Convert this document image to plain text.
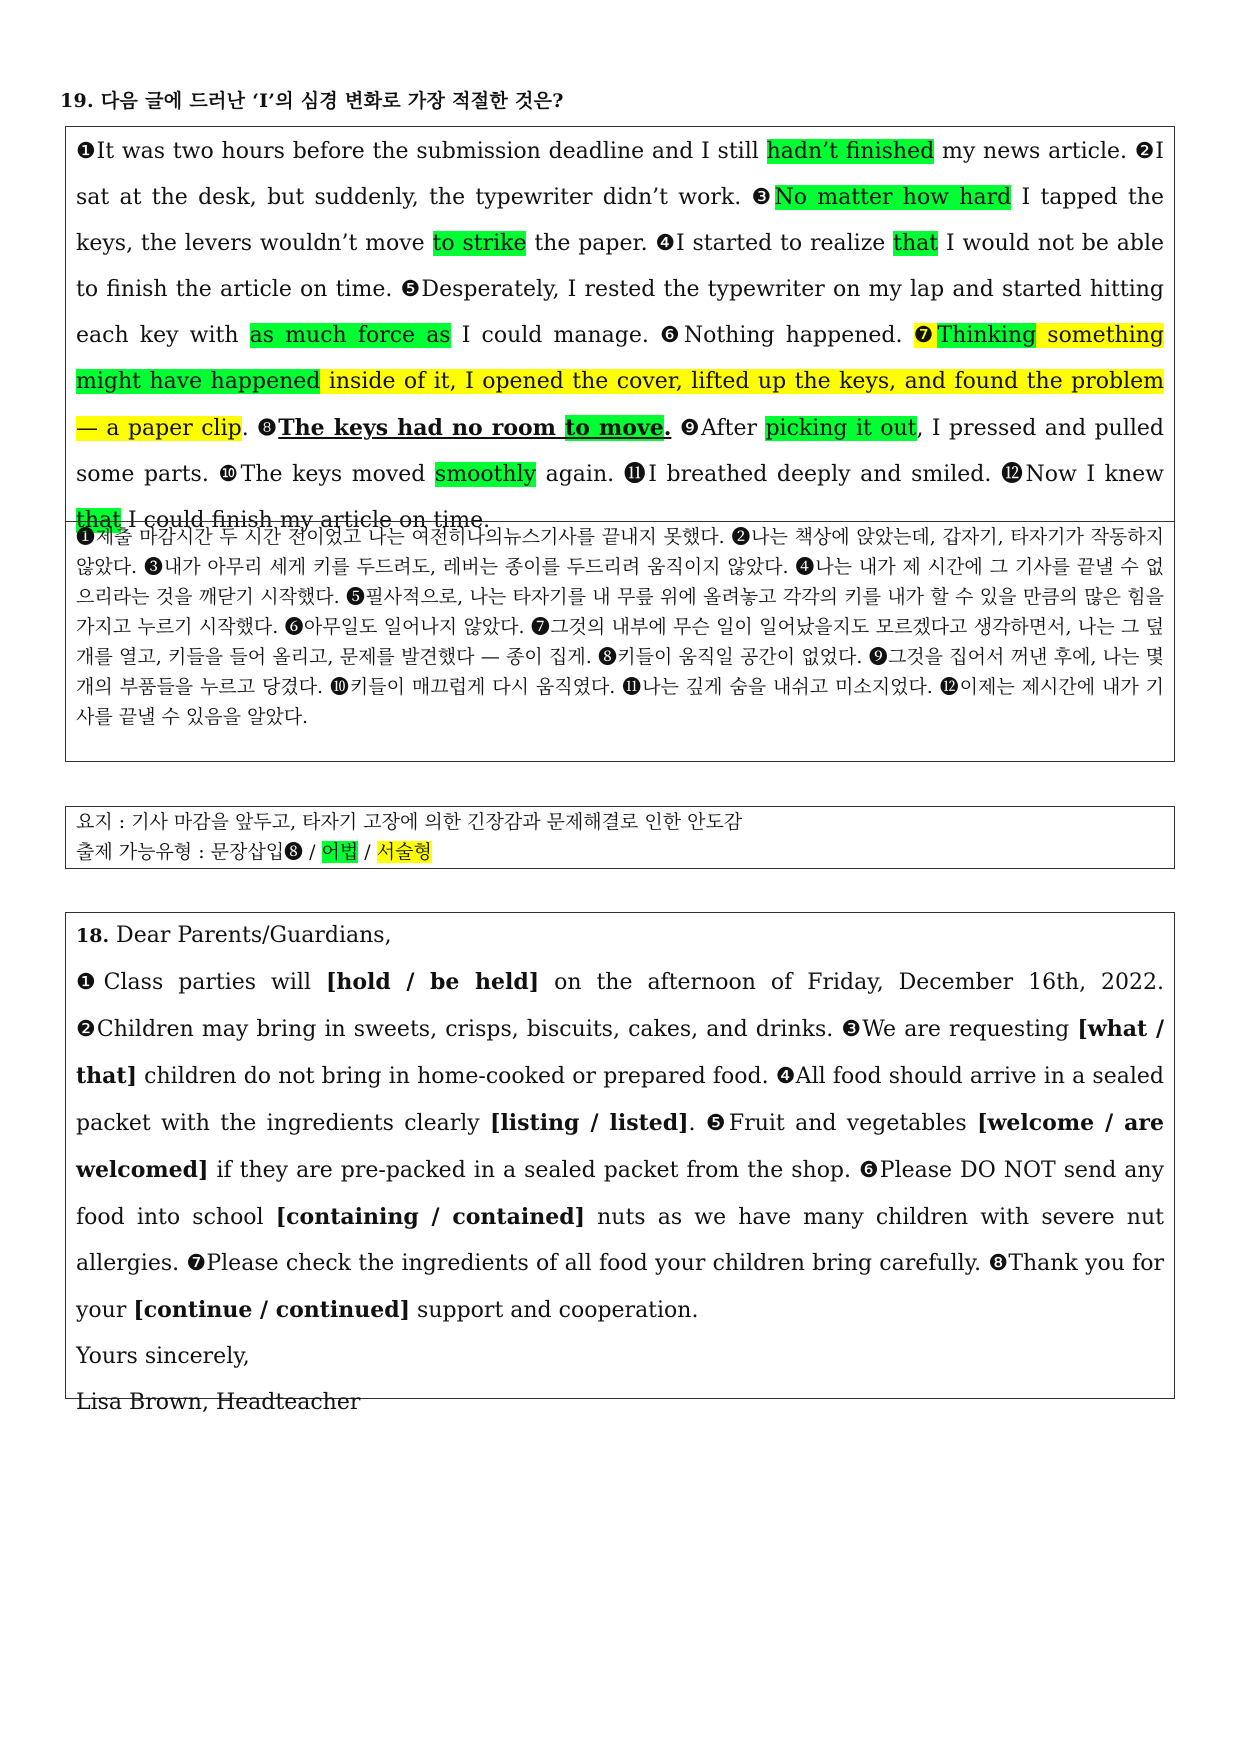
19. 다음 글에 드러난 ‘I’의 심경 변화로 가장 적절한 것은?
❶It was two hours before the submission deadline and I still hadn’t finished my news article. ❷I sat at the desk, but suddenly, the typewriter didn’t work. ❸No matter how hard I tapped the keys, the levers wouldn’t move to strike the paper. ❹I started to realize that I would not be able to finish the article on time. ❺Desperately, I rested the typewriter on my lap and started hitting each key with as much force as I could manage. ❻Nothing happened. ❼Thinking something might have happened inside of it, I opened the cover, lifted up the keys, and found the problem — a paper clip. ❽The keys had no room to move. ❾After picking it out, I pressed and pulled some parts. ❿The keys moved smoothly again. ⓫I breathed deeply and smiled. ⓬Now I knew that I could finish my article on time.
❶제출 마감시간 두 시간 전이었고 나는 여전히나의뉴스기사를 끝내지 못했다. ❷나는 책상에 앉았는데, 갑자기, 타자기가 작동하지 않았다. ❸내가 아무리 세게 키를 두드려도, 레버는 종이를 두드리려 움직이지 않았다. ❹나는 내가 제 시간에 그 기사를 끝낼 수 없으리라는 것을 깨닫기 시작했다. ❺필사적으로, 나는 타자기를 내 무릎 위에 올려놓고 각각의 키를 내가 할 수 있을 만큼의 많은 힘을 가지고 누르기 시작했다. ❻아무일도 일어나지 않았다. ❼그것의 내부에 무슨 일이 일어났을지도 모르겠다고 생각하면서, 나는 그 덮개를 열고, 키들을 들어 올리고, 문제를 발견했다 — 종이 집게. ❽키들이 움직일 공간이 없었다. ❾그것을 집어서 꺼낸 후에, 나는 몇개의 부품들을 누르고 당겼다. ❿키들이 매끄럽게 다시 움직였다. ⓫나는 깊게 숨을 내쉬고 미소지었다. ⓬이제는 제시간에 내가 기사를 끝낼 수 있음을 알았다.
요지 : 기사 마감을 앞두고, 타자기 고장에 의한 긴장감과 문제해결로 인한 안도감
출제 가능유형 : 문장삽입❽ / 어법 / 서술형
18. Dear Parents/Guardians,
❶Class parties will [hold / be held] on the afternoon of Friday, December 16th, 2022. ❷Children may bring in sweets, crisps, biscuits, cakes, and drinks. ❸We are requesting [what / that] children do not bring in home-cooked or prepared food. ❹All food should arrive in a sealed packet with the ingredients clearly [listing / listed]. ❺Fruit and vegetables [welcome / are welcomed] if they are pre-packed in a sealed packet from the shop. ❻Please DO NOT send any food into school [containing / contained] nuts as we have many children with severe nut allergies. ❼Please check the ingredients of all food your children bring carefully. ❽Thank you for your [continue / continued] support and cooperation.
Yours sincerely,
Lisa Brown, Headteacher
